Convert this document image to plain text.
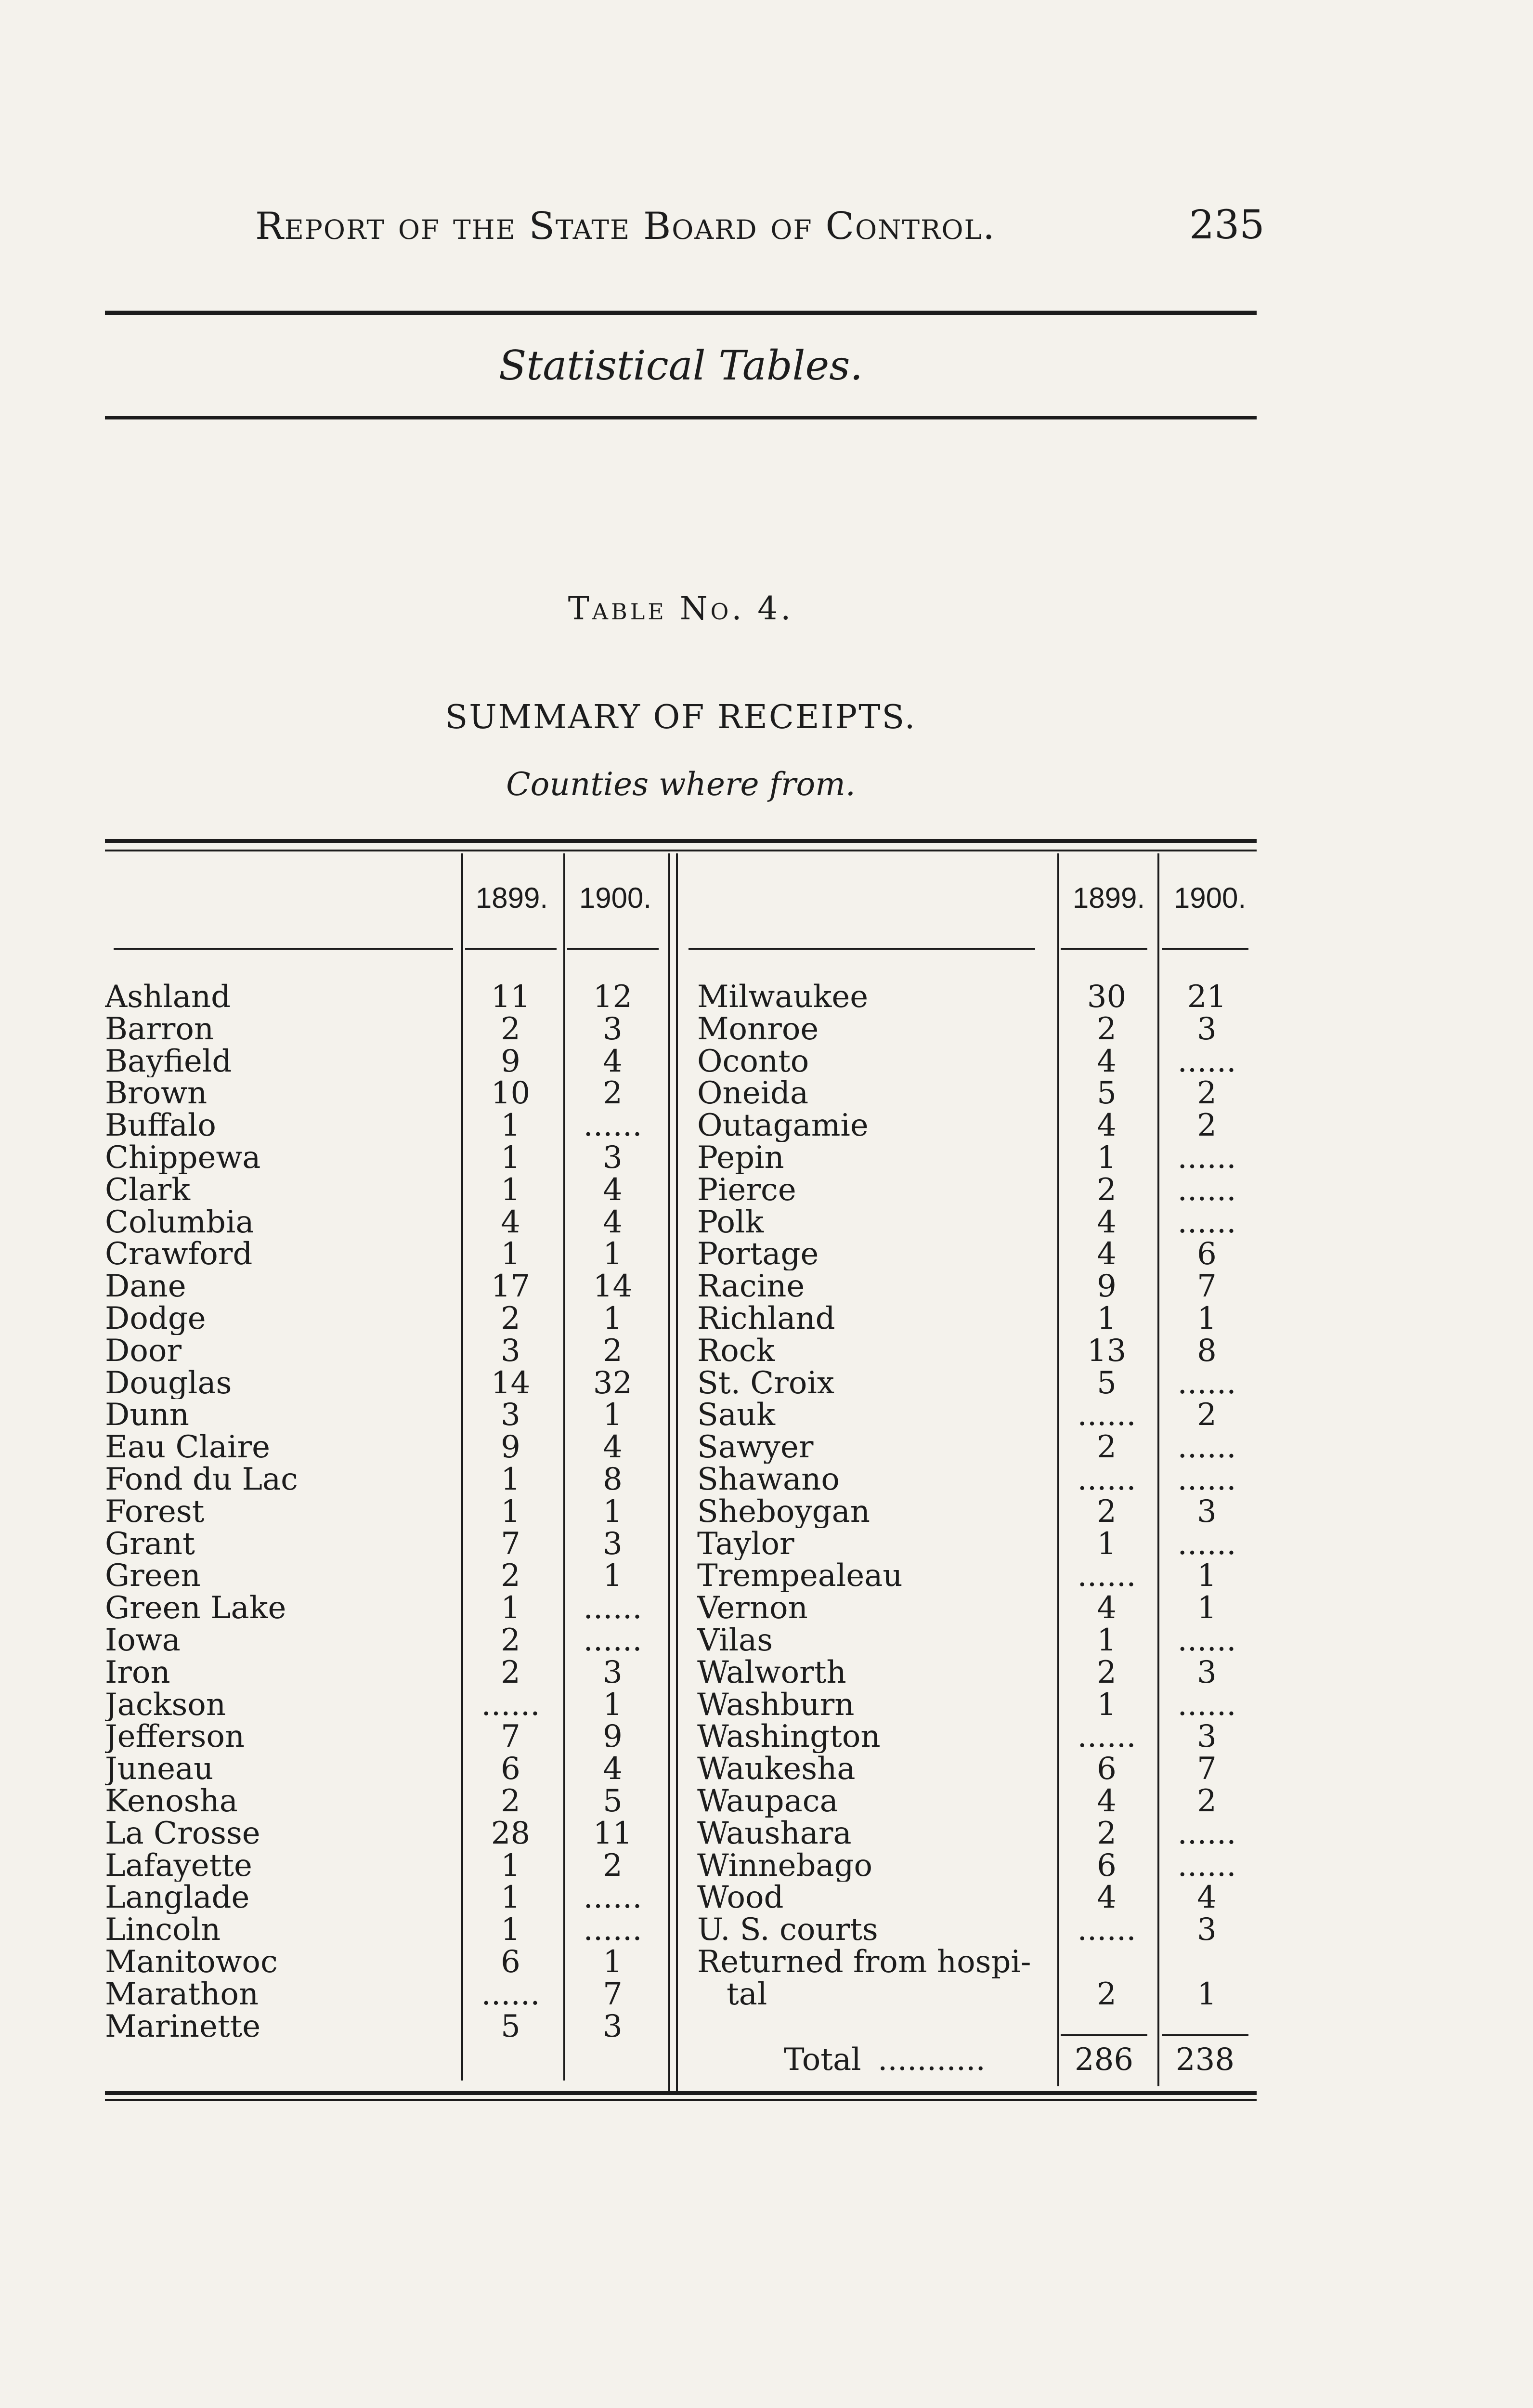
Report of the State Board of Control.	235
Statistical Tables.
Table No. 4.
SUMMARY OF RECEIPTS.
Counties where from.
1899.	1900.	1899. 1900.
Ashland	11	12
Barron	2	3
Bayfield	9	4
Brown	10	2
Buffalo	1	......
Chippewa	1	3
Clark	1	4
Columbia	4	4
Crawford	1	1
Dane	17	14
Dodge	2	1
Door	3	2
Douglas	14	32
Dunn	3	1
Eau Claire	9	4
Fond du Lac	1	8
Forest	1	1
Grant	7	3
Green	2	1
Green Lake	1	......
Iowa	2	......
Iron	2	3
Jackson	......	1
Jefferson	7	9
Juneau	6	4
Kenosha	2	5
La Crosse	28	11
Lafayette	1	2
Langlade	1	......
Lincoln	1	......
Manitowoc	6	1
Marathon	......	7
Marinette	5	3
Milwaukee	30	21
Monroe	2	3
Oconto	4	......
Oneida	5	2
Outagamie	4	2
Pepin	1	......
Pierce	2	......
Polk	4	......
Portage	4	6
Racine	9	7
Richland	1	1
Rock	13	8
St. Croix	5	......
Sauk	......	2
Sawyer	2	......
Shawano	......	......
Sheboygan	2	3
Taylor	1	......
Trempealeau	......	1
Vernon	4	1
Vilas	1	......
Walworth	2	3
Washburn	1	......
Washington	......	3
Waukesha	6	7
Waupaca	4	2
Waushara	2	......
Winnebago	6	......
Wood	4	4
U. S. courts	......	3
Returned from hospi-
tal	2	1
Total ...........	286	238
